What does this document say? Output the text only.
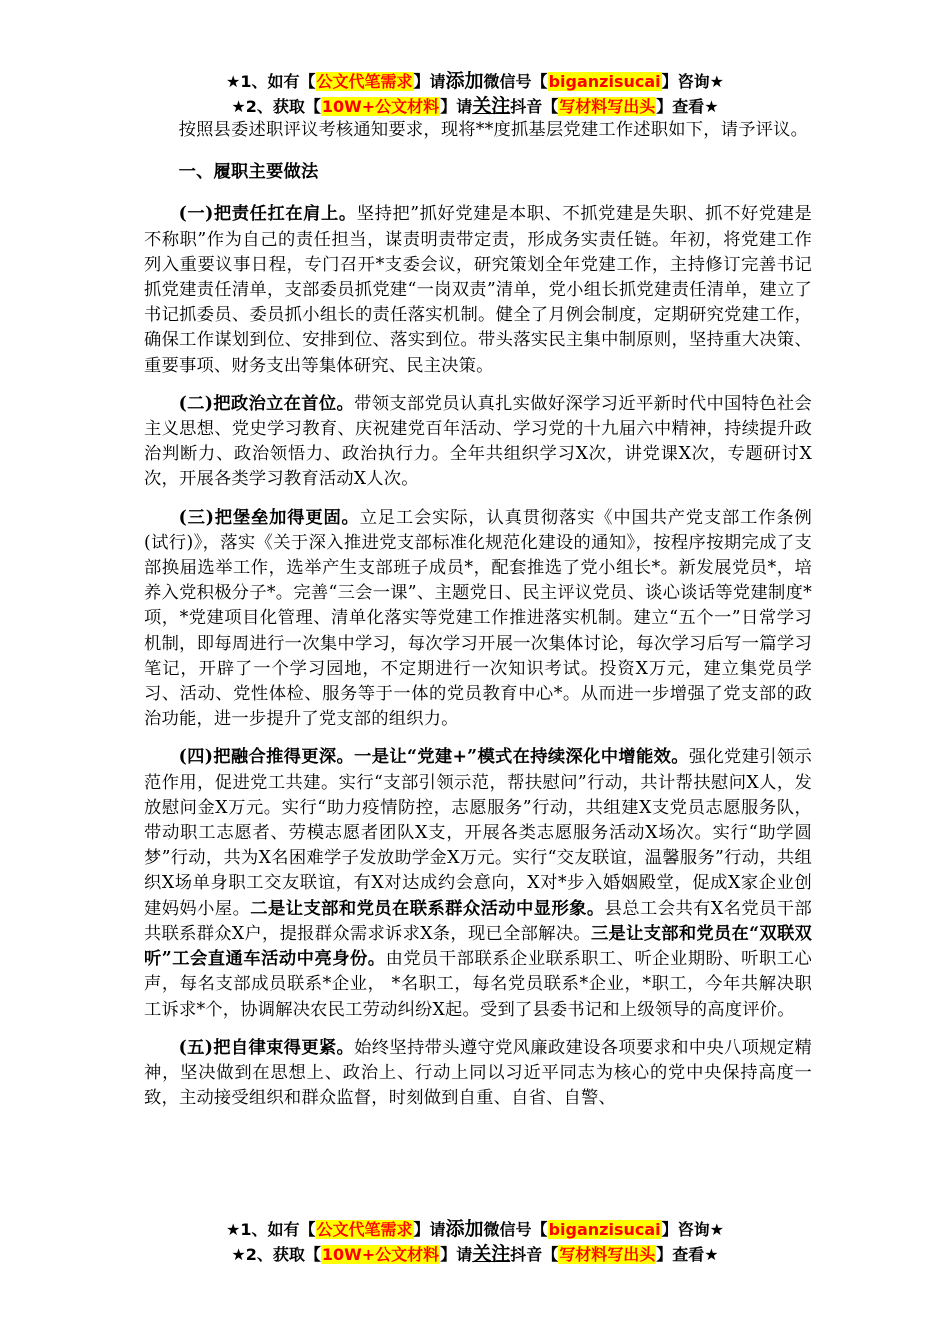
★1、如有【公文代笔需求】请添加微信号【biganzisucai】咨询★
★2、获取【10W+公文材料】请关注抖音【写材料写出头】查看★

按照县委述职评议考核通知要求，现将**度抓基层党建工作述职如下，请予评议。

一、履职主要做法

(一)把责任扛在肩上。坚持把”抓好党建是本职、不抓党建是失职、抓不好党建是不称职”作为自己的责任担当，谋责明责带定责，形成务实责任链。年初，将党建工作列入重要议事日程，专门召开*支委会议，研究策划全年党建工作，主持修订完善书记抓党建责任清单，支部委员抓党建“一岗双责”清单，党小组长抓党建责任清单，建立了书记抓委员、委员抓小组长的责任落实机制。健全了月例会制度，定期研究党建工作，确保工作谋划到位、安排到位、落实到位。带头落实民主集中制原则，坚持重大决策、重要事项、财务支出等集体研究、民主决策。

(二)把政治立在首位。带领支部党员认真扎实做好深学习近平新时代中国特色社会主义思想、党史学习教育、庆祝建党百年活动、学习党的十九届六中精神，持续提升政治判断力、政治领悟力、政治执行力。全年共组织学习X次，讲党课X次，专题研讨X次，开展各类学习教育活动X人次。

(三)把堡垒加得更固。立足工会实际，认真贯彻落实《中国共产党支部工作条例(试行)》，落实《关于深入推进党支部标准化规范化建设的通知》，按程序按期完成了支部换届选举工作，选举产生支部班子成员*，配套推选了党小组长*。新发展党员*，培养入党积极分子*。完善“三会一课”、主题党日、民主评议党员、谈心谈话等党建制度*项，*党建项目化管理、清单化落实等党建工作推进落实机制。建立“五个一”日常学习机制，即每周进行一次集中学习，每次学习开展一次集体讨论，每次学习后写一篇学习笔记，开辟了一个学习园地，不定期进行一次知识考试。投资X万元，建立集党员学习、活动、党性体检、服务等于一体的党员教育中心*。从而进一步增强了党支部的政治功能，进一步提升了党支部的组织力。

(四)把融合推得更深。一是让“党建+”模式在持续深化中增能效。强化党建引领示范作用，促进党工共建。实行“支部引领示范，帮扶慰问”行动，共计帮扶慰问X人，发放慰问金X万元。实行“助力疫情防控，志愿服务”行动，共组建X支党员志愿服务队，带动职工志愿者、劳模志愿者团队X支，开展各类志愿服务活动X场次。实行“助学圆梦”行动，共为X名困难学子发放助学金X万元。实行“交友联谊，温馨服务”行动，共组织X场单身职工交友联谊，有X对达成约会意向，X对*步入婚姻殿堂，促成X家企业创建妈妈小屋。二是让支部和党员在联系群众活动中显形象。县总工会共有X名党员干部共联系群众X户，提报群众需求诉求X条，现已全部解决。三是让支部和党员在“双联双听”工会直通车活动中亮身份。由党员干部联系企业联系职工、听企业期盼、听职工心声，每名支部成员联系*企业， *名职工，每名党员联系*企业，*职工，今年共解决职工诉求*个，协调解决农民工劳动纠纷X起。受到了县委书记和上级领导的高度评价。

(五)把自律束得更紧。始终坚持带头遵守党风廉政建设各项要求和中央八项规定精神，坚决做到在思想上、政治上、行动上同以习近平同志为核心的党中央保持高度一致，主动接受组织和群众监督，时刻做到自重、自省、自警、

★1、如有【公文代笔需求】请添加微信号【biganzisucai】咨询★
★2、获取【10W+公文材料】请关注抖音【写材料写出头】查看★
